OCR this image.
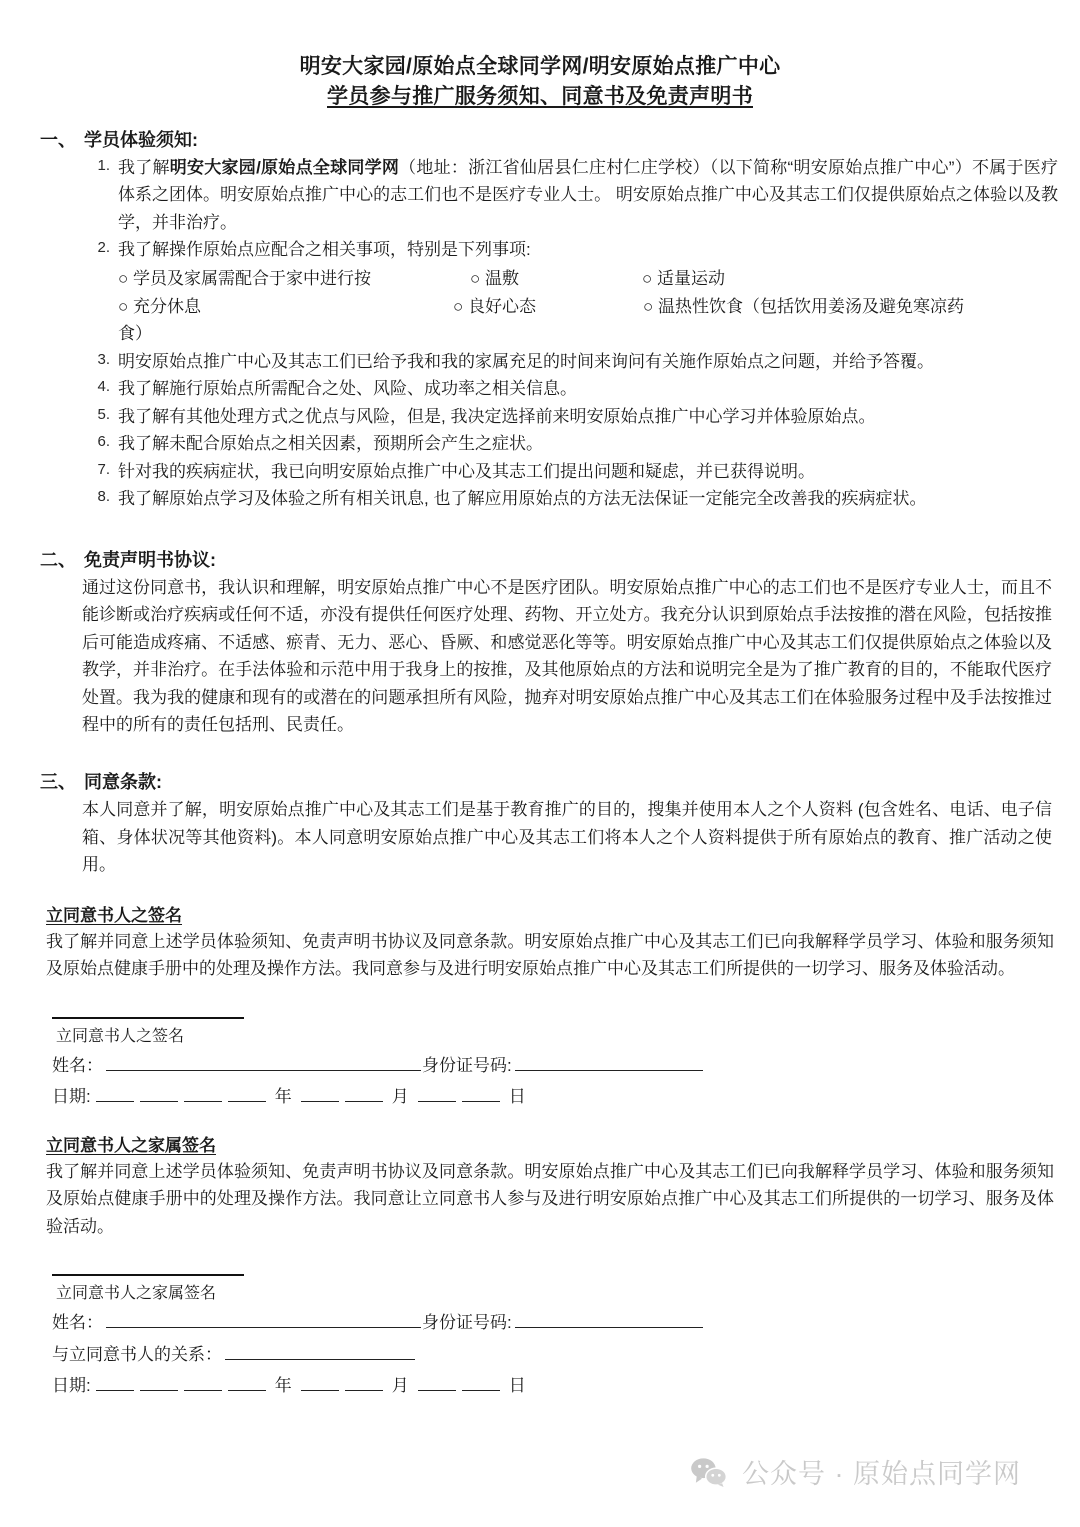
明安大家园/原始点全球同学网/明安原始点推广中心
学员参与推广服务须知、同意书及免责声明书
一、 学员体验须知:
1. 我了解明安大家园/原始点全球同学网（地址：浙江省仙居县仁庄村仁庄学校）（以下简称“明安原始点推广中心”）不属于医疗体系之团体。明安原始点推广中心的志工们也不是医疗专业人士。 明安原始点推广中心及其志工们仅提供原始点之体验以及教学，并非治疗。
2. 我了解操作原始点应配合之相关事项，特别是下列事项:
○ 学员及家属需配合于家中进行按	○ 温敷	○ 适量运动
○ 充分休息	○ 良好心态	○ 温热性饮食（包括饮用姜汤及避免寒凉药
食）
3. 明安原始点推广中心及其志工们已给予我和我的家属充足的时间来询问有关施作原始点之问题，并给予答覆。
4. 我了解施行原始点所需配合之处、风险、成功率之相关信息。
5. 我了解有其他处理方式之优点与风险，但是, 我决定选择前来明安原始点推广中心学习并体验原始点。
6. 我了解未配合原始点之相关因素，预期所会产生之症状。
7. 针对我的疾病症状，我已向明安原始点推广中心及其志工们提出问题和疑虑，并已获得说明。
8. 我了解原始点学习及体验之所有相关讯息, 也了解应用原始点的方法无法保证一定能完全改善我的疾病症状。
二、 免责声明书协议:
通过这份同意书，我认识和理解，明安原始点推广中心不是医疗团队。明安原始点推广中心的志工们也不是医疗专业人士，而且不能诊断或治疗疾病或任何不适，亦没有提供任何医疗处理、药物、开立处方。我充分认识到原始点手法按推的潜在风险，包括按推后可能造成疼痛、不适感、瘀青、无力、恶心、昏厥、和感觉恶化等等。明安原始点推广中心及其志工们仅提供原始点之体验以及教学，并非治疗。在手法体验和示范中用于我身上的按推，及其他原始点的方法和说明完全是为了推广教育的目的，不能取代医疗处置。我为我的健康和现有的或潜在的问题承担所有风险，抛弃对明安原始点推广中心及其志工们在体验服务过程中及手法按推过程中的所有的责任包括刑、民责任。
三、 同意条款:
本人同意并了解，明安原始点推广中心及其志工们是基于教育推广的目的，搜集并使用本人之个人资料 (包含姓名、电话、电子信箱、身体状况等其他资料)。本人同意明安原始点推广中心及其志工们将本人之个人资料提供于所有原始点的教育、推广活动之使用。
立同意书人之签名
我了解并同意上述学员体验须知、免责声明书协议及同意条款。明安原始点推广中心及其志工们已向我解释学员学习、体验和服务须知及原始点健康手册中的处理及操作方法。我同意参与及进行明安原始点推广中心及其志工们所提供的一切学习、服务及体验活动。
立同意书人之签名
姓名：	身份证号码:
日期:	年	月	日
立同意书人之家属签名
我了解并同意上述学员体验须知、免责声明书协议及同意条款。明安原始点推广中心及其志工们已向我解释学员学习、体验和服务须知及原始点健康手册中的处理及操作方法。我同意让立同意书人参与及进行明安原始点推广中心及其志工们所提供的一切学习、服务及体验活动。
立同意书人之家属签名
姓名：	身份证号码:
与立同意书人的关系：
日期:	年	月	日
公众号 · 原始点同学网
